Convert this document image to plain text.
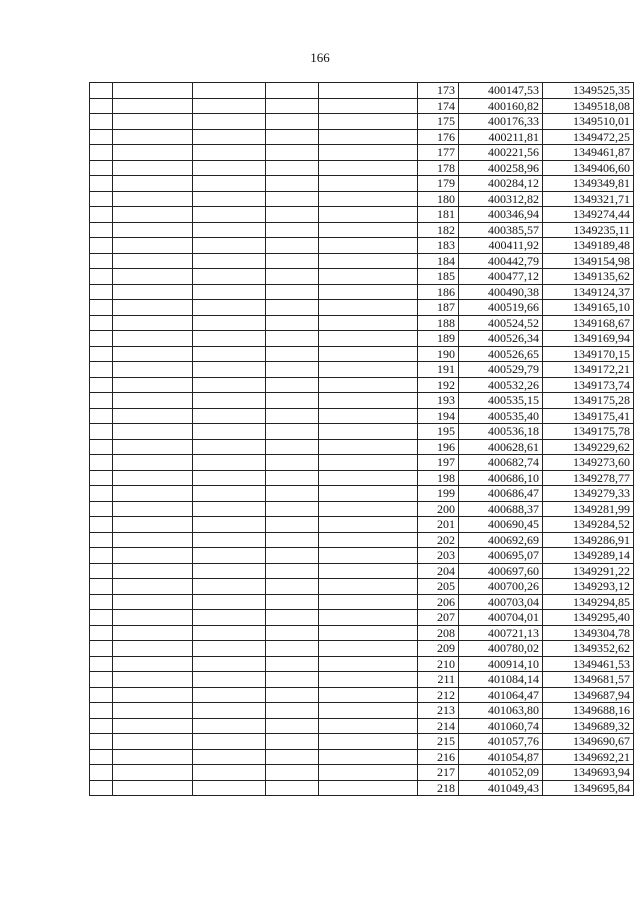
166
					173	400147,53	1349525,35
					174	400160,82	1349518,08
					175	400176,33	1349510,01
					176	400211,81	1349472,25
					177	400221,56	1349461,87
					178	400258,96	1349406,60
					179	400284,12	1349349,81
					180	400312,82	1349321,71
					181	400346,94	1349274,44
					182	400385,57	1349235,11
					183	400411,92	1349189,48
					184	400442,79	1349154,98
					185	400477,12	1349135,62
					186	400490,38	1349124,37
					187	400519,66	1349165,10
					188	400524,52	1349168,67
					189	400526,34	1349169,94
					190	400526,65	1349170,15
					191	400529,79	1349172,21
					192	400532,26	1349173,74
					193	400535,15	1349175,28
					194	400535,40	1349175,41
					195	400536,18	1349175,78
					196	400628,61	1349229,62
					197	400682,74	1349273,60
					198	400686,10	1349278,77
					199	400686,47	1349279,33
					200	400688,37	1349281,99
					201	400690,45	1349284,52
					202	400692,69	1349286,91
					203	400695,07	1349289,14
					204	400697,60	1349291,22
					205	400700,26	1349293,12
					206	400703,04	1349294,85
					207	400704,01	1349295,40
					208	400721,13	1349304,78
					209	400780,02	1349352,62
					210	400914,10	1349461,53
					211	401084,14	1349681,57
					212	401064,47	1349687,94
					213	401063,80	1349688,16
					214	401060,74	1349689,32
					215	401057,76	1349690,67
					216	401054,87	1349692,21
					217	401052,09	1349693,94
					218	401049,43	1349695,84
